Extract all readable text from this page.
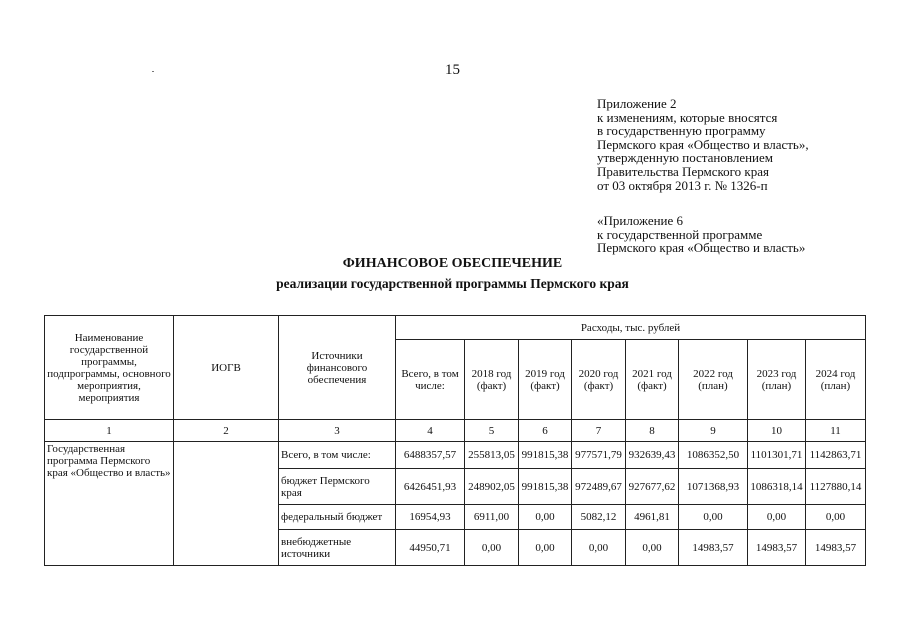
15
Приложение 2
к изменениям, которые вносятся
в государственную программу
Пермского края «Общество и власть»,
утвержденную постановлением
Правительства Пермского края
от 03 октября 2013 г. № 1326-п
«Приложение 6
к государственной программе
Пермского края «Общество и власть»
ФИНАНСОВОЕ ОБЕСПЕЧЕНИЕ
реализации государственной программы Пермского края
Наименование государственной программы, подпрограммы, основного мероприятия, мероприятия	ИОГВ	Источники финансового обеспечения	Расходы, тыс. рублей							
			Всего, в том числе:	2018 год (факт)	2019 год (факт)	2020 год (факт)	2021 год (факт)	2022 год (план)	2023 год (план)	2024 год (план)
1	2	3	4	5	6	7	8	9	10	11
Государственная программа Пермского края «Общество и власть»		Всего, в том числе:	6488357,57	255813,05	991815,38	977571,79	932639,43	1086352,50	1101301,71	1142863,71
		бюджет Пермского края	6426451,93	248902,05	991815,38	972489,67	927677,62	1071368,93	1086318,14	1127880,14
		федеральный бюджет	16954,93	6911,00	0,00	5082,12	4961,81	0,00	0,00	0,00
		внебюджетные источники	44950,71	0,00	0,00	0,00	0,00	14983,57	14983,57	14983,57
